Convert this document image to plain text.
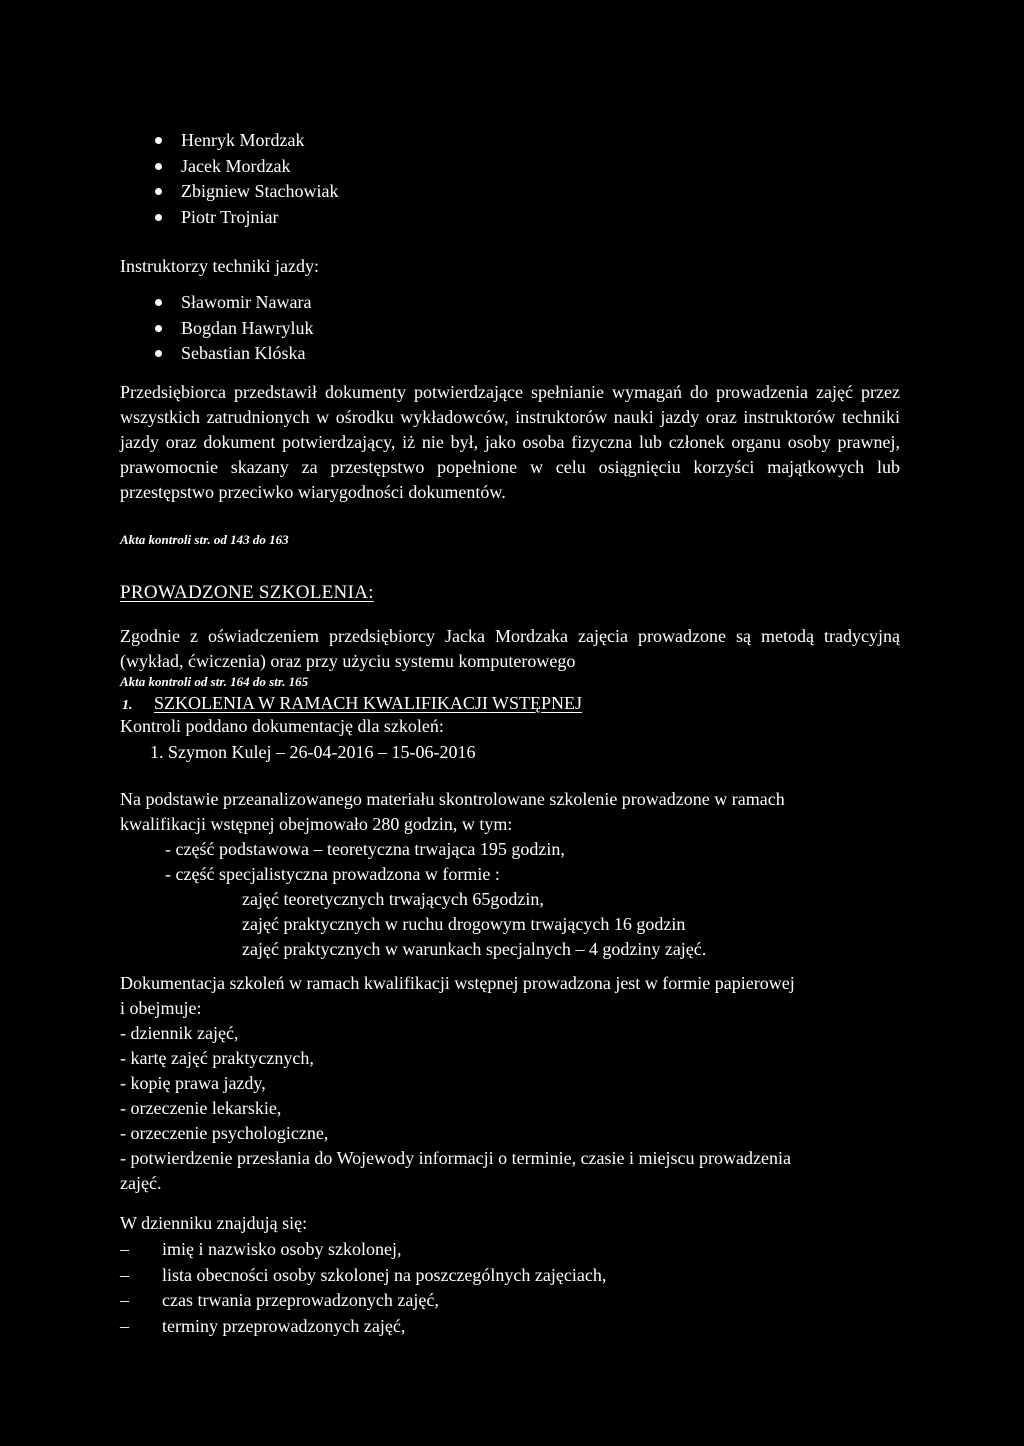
Henryk Mordzak
Jacek Mordzak
Zbigniew Stachowiak
Piotr Trojniar
Instruktorzy techniki jazdy:
Sławomir Nawara
Bogdan Hawryluk
Sebastian Klóska

Przedsiębiorca przedstawił dokumenty potwierdzające spełnianie wymagań do prowadzenia zajęć przez wszystkich zatrudnionych w ośrodku wykładowców, instruktorów nauki jazdy oraz instruktorów techniki jazdy oraz dokument potwierdzający, iż nie był, jako osoba fizyczna lub członek organu osoby prawnej, prawomocnie skazany za przestępstwo popełnione w celu osiągnięciu korzyści majątkowych lub przestępstwo przeciwko wiarygodności dokumentów.

Akta kontroli str. od 143 do 163
PROWADZONE SZKOLENIA:

Zgodnie z oświadczeniem przedsiębiorcy Jacka Mordzaka zajęcia prowadzone są metodą tradycyjną (wykład, ćwiczenia) oraz przy użyciu systemu komputerowego

Akta kontroli od str. 164 do str. 165
1. SZKOLENIA W RAMACH KWALIFIKACJI WSTĘPNEJ
Kontroli poddano dokumentację dla szkoleń:
1. Szymon Kulej – 26-04-2016 – 15-06-2016
Na podstawie przeanalizowanego materiału skontrolowane szkolenie prowadzone w ramach
kwalifikacji wstępnej obejmowało 280 godzin, w tym:
- część podstawowa – teoretyczna trwająca 195 godzin,
- część specjalistyczna prowadzona w formie :
zajęć teoretycznych trwających 65godzin,
zajęć praktycznych w ruchu drogowym trwających 16 godzin
zajęć praktycznych w warunkach specjalnych – 4 godziny zajęć.
Dokumentacja szkoleń w ramach kwalifikacji wstępnej prowadzona jest w formie papierowej
i obejmuje:
- dziennik zajęć,
- kartę zajęć praktycznych,
- kopię prawa jazdy,
- orzeczenie lekarskie,
- orzeczenie psychologiczne,
- potwierdzenie przesłania do Wojewody informacji o terminie, czasie i miejscu prowadzenia
zajęć.
W dzienniku znajdują się:
– imię i nazwisko osoby szkolonej,
– lista obecności osoby szkolonej na poszczególnych zajęciach,
– czas trwania przeprowadzonych zajęć,
– terminy przeprowadzonych zajęć,
